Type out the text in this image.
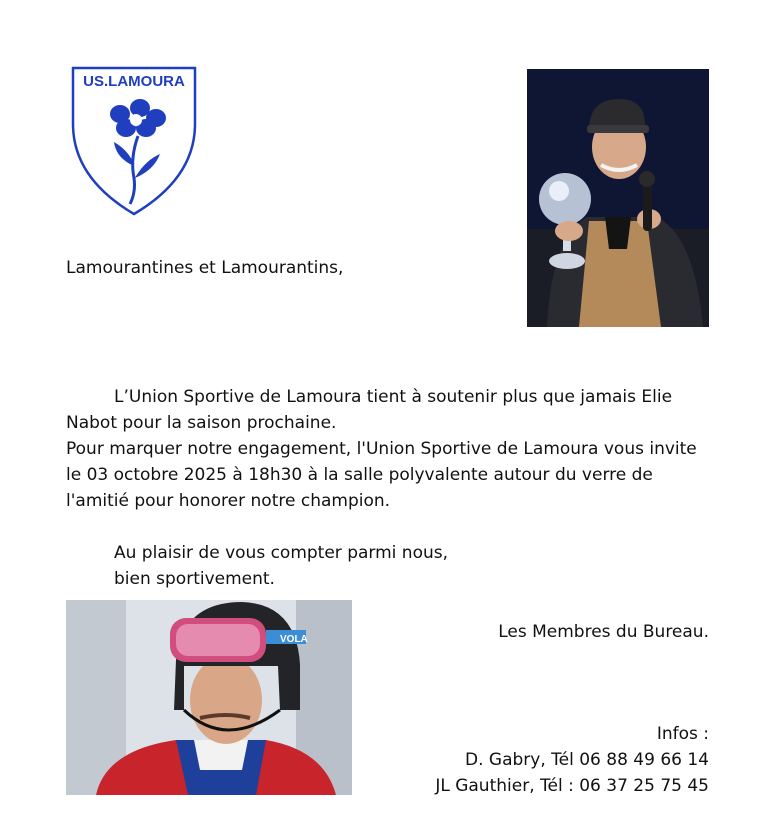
US.LAMOURA
Lamourantines et Lamourantins,
L’Union Sportive de Lamoura tient à soutenir plus que jamais Elie
Nabot pour la saison prochaine.
Pour marquer notre engagement, l'Union Sportive de Lamoura vous invite
le 03 octobre 2025 à 18h30 à la salle polyvalente autour du verre de
l'amitié pour honorer notre champion.
Au plaisir de vous compter parmi nous,
bien sportivement.
VOLA	Les Membres du Bureau.
Infos :
D. Gabry, Tél 06 88 49 66 14
JL Gauthier, Tél : 06 37 25 75 45
